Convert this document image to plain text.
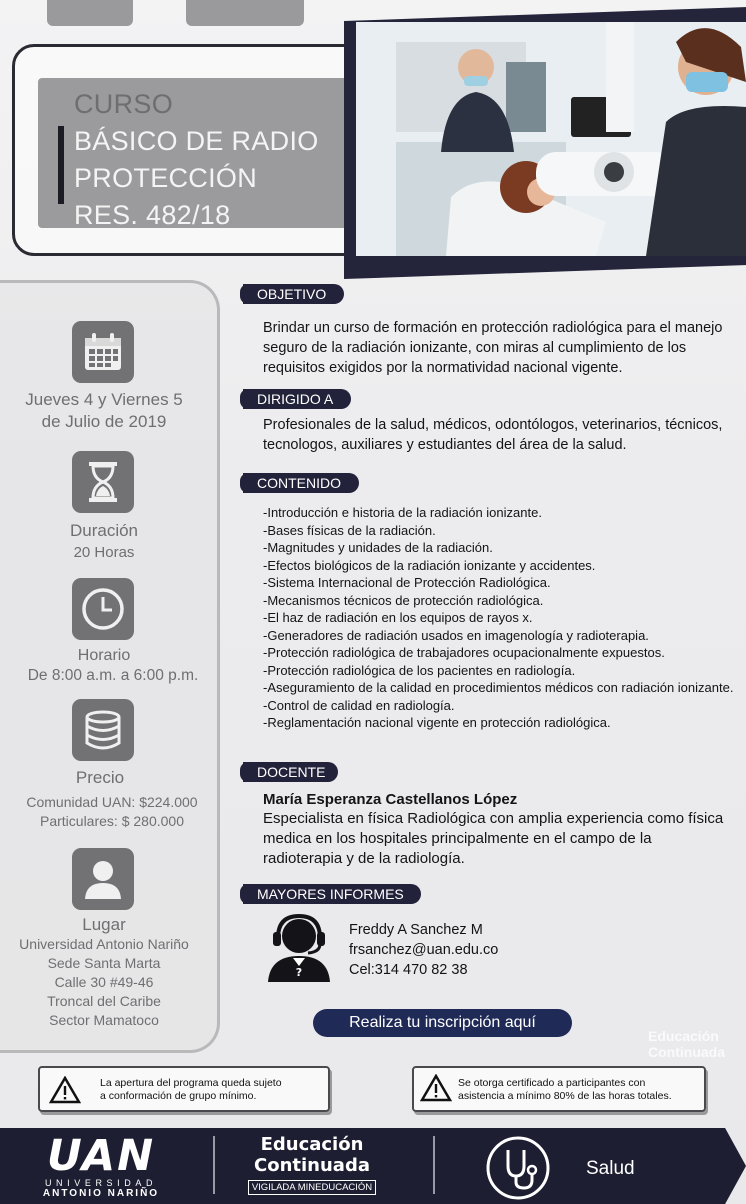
CURSO
BÁSICO DE RADIO
PROTECCIÓN
RES. 482/18
Jueves 4 y Viernes 5
de Julio de 2019
Duración
20 Horas
Horario
De 8:00 a.m. a 6:00 p.m.
Precio
Comunidad UAN: $224.000
Particulares: $ 280.000
Lugar
Universidad Antonio Nariño
Sede Santa Marta
Calle 30 #49-46
Troncal del Caribe
Sector Mamatoco
OBJETIVO
Brindar un curso de formación en protección radiológica para el manejo seguro de la radiación ionizante, con miras al cumplimiento de los requisitos exigidos por la normatividad nacional vigente.
DIRIGIDO A
Profesionales de la salud, médicos, odontólogos, veterinarios, técnicos, tecnologos, auxiliares y estudiantes del área de la salud.
CONTENIDO
-Introducción e historia de la radiación ionizante.
-Bases físicas de la radiación.
-Magnitudes y unidades de la radiación.
-Efectos biológicos de la radiación ionizante y accidentes.
-Sistema Internacional de Protección Radiológica.
-Mecanismos técnicos de protección radiológica.
-El haz de radiación en los equipos de rayos x.
-Generadores de radiación usados en imagenología y radioterapia.
-Protección radiológica de trabajadores ocupacionalmente expuestos.
-Protección radiológica de los pacientes en radiología.
-Aseguramiento de la calidad en procedimientos médicos con radiación ionizante.
-Control de calidad en radiología.
-Reglamentación nacional vigente en protección radiológica.
DOCENTE
María Esperanza Castellanos López
Especialista en física Radiológica con amplia experiencia como física medica en los hospitales principalmente en el campo de la radioterapia y de la radiología.
MAYORES INFORMES
?
Freddy A Sanchez M
frsanchez@uan.edu.co
Cel:314 470 82 38
Realiza tu inscripción aquí
Educación
Continuada
La apertura del programa queda sujeto
a conformación de grupo mínimo.
Se otorga certificado a participantes con
asistencia a mínimo 80% de las horas totales.
UAN
UNIVERSIDAD
ANTONIO NARIÑO
Educación
Continuada
VIGILADA MINEDUCACIÓN
Salud
